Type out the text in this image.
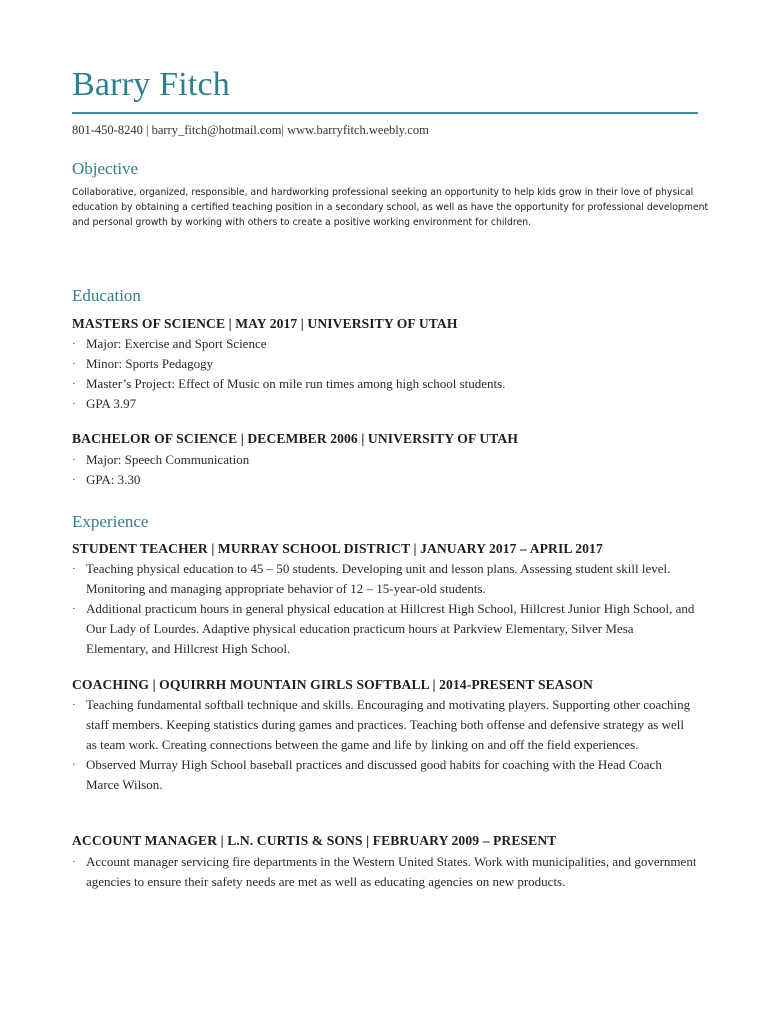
Barry Fitch
801-450-8240 | barry_fitch@hotmail.com| www.barryfitch.weebly.com
Objective
Collaborative, organized, responsible, and hardworking professional seeking an opportunity to help kids grow in their love of physical education by obtaining a certified teaching position in a secondary school, as well as have the opportunity for professional development and personal growth by working with others to create a positive working environment for children.
Education
MASTERS OF SCIENCE | MAY 2017 | UNIVERSITY OF UTAH
· Major: Exercise and Sport Science
· Minor: Sports Pedagogy
· Master’s Project: Effect of Music on mile run times among high school students.
· GPA 3.97
BACHELOR OF SCIENCE | DECEMBER 2006 | UNIVERSITY OF UTAH
· Major: Speech Communication
· GPA: 3.30
Experience
STUDENT TEACHER | MURRAY SCHOOL DISTRICT | JANUARY 2017 – APRIL 2017
· Teaching physical education to 45 – 50 students. Developing unit and lesson plans. Assessing student skill level. Monitoring and managing appropriate behavior of 12 – 15-year-old students.
· Additional practicum hours in general physical education at Hillcrest High School, Hillcrest Junior High School, and Our Lady of Lourdes. Adaptive physical education practicum hours at Parkview Elementary, Silver Mesa Elementary, and Hillcrest High School.
COACHING | OQUIRRH MOUNTAIN GIRLS SOFTBALL | 2014-PRESENT SEASON
· Teaching fundamental softball technique and skills. Encouraging and motivating players. Supporting other coaching staff members. Keeping statistics during games and practices. Teaching both offense and defensive strategy as well as team work. Creating connections between the game and life by linking on and off the field experiences.
· Observed Murray High School baseball practices and discussed good habits for coaching with the Head Coach Marce Wilson.
ACCOUNT MANAGER | L.N. CURTIS & SONS | FEBRUARY 2009 – PRESENT
· Account manager servicing fire departments in the Western United States. Work with municipalities, and government agencies to ensure their safety needs are met as well as educating agencies on new products.
